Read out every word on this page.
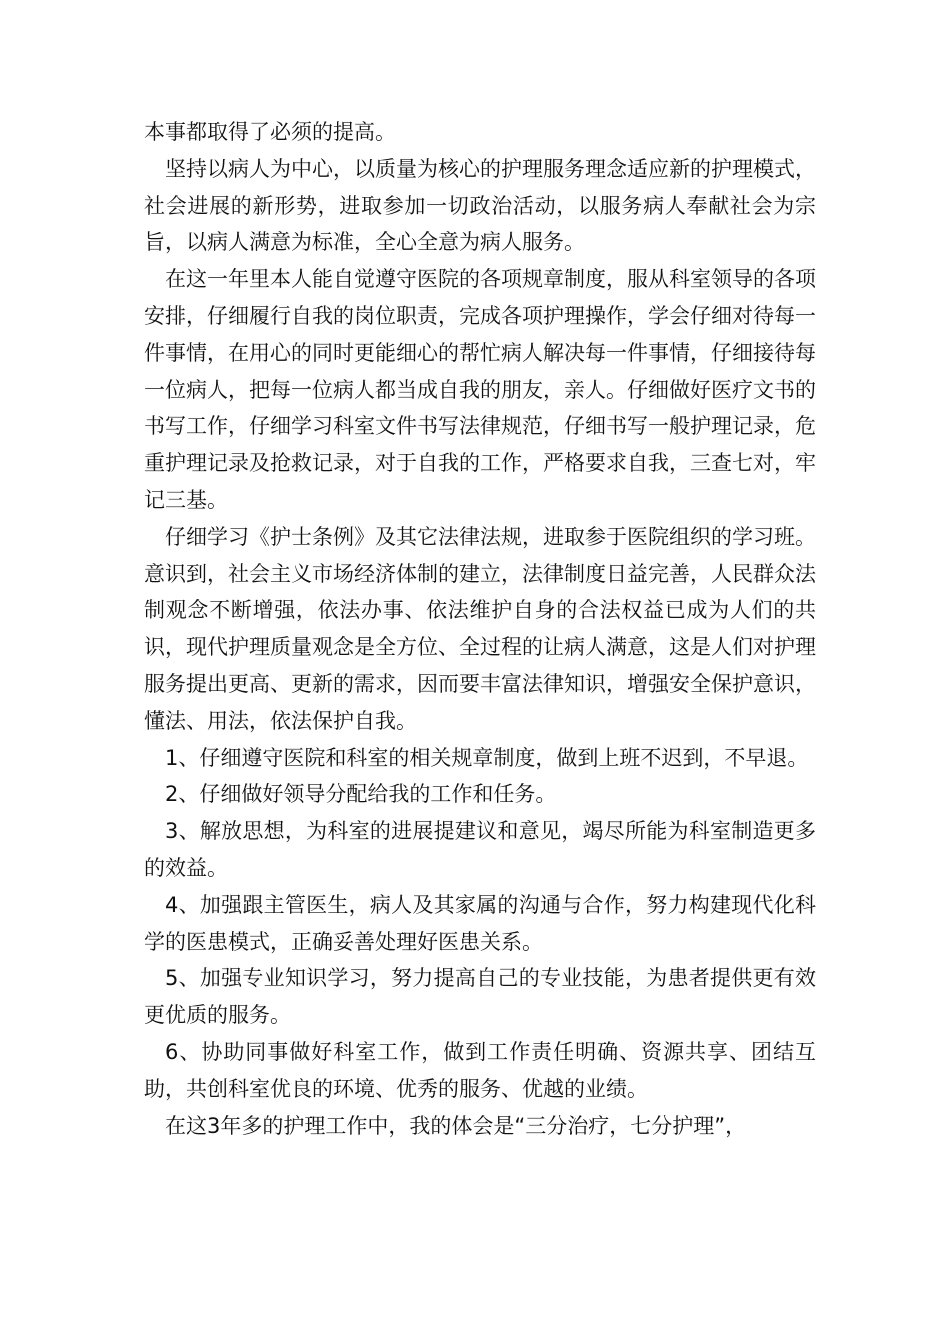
本事都取得了必须的提高。

坚持以病人为中心，以质量为核心的护理服务理念适应新的护理模式，社会进展的新形势，进取参加一切政治活动，以服务病人奉献社会为宗旨，以病人满意为标准，全心全意为病人服务。

在这一年里本人能自觉遵守医院的各项规章制度，服从科室领导的各项安排，仔细履行自我的岗位职责，完成各项护理操作，学会仔细对待每一件事情，在用心的同时更能细心的帮忙病人解决每一件事情，仔细接待每一位病人，把每一位病人都当成自我的朋友，亲人。仔细做好医疗文书的书写工作，仔细学习科室文件书写法律规范，仔细书写一般护理记录，危重护理记录及抢救记录，对于自我的工作，严格要求自我，三查七对，牢记三基。

仔细学习《护士条例》及其它法律法规，进取参于医院组织的学习班。意识到，社会主义市场经济体制的建立，法律制度日益完善，人民群众法制观念不断增强，依法办事、依法维护自身的合法权益已成为人们的共识，现代护理质量观念是全方位、全过程的让病人满意，这是人们对护理服务提出更高、更新的需求，因而要丰富法律知识，增强安全保护意识，懂法、用法，依法保护自我。

1、仔细遵守医院和科室的相关规章制度，做到上班不迟到，不早退。

2、仔细做好领导分配给我的工作和任务。

3、解放思想，为科室的进展提建议和意见，竭尽所能为科室制造更多的效益。

4、加强跟主管医生，病人及其家属的沟通与合作，努力构建现代化科学的医患模式，正确妥善处理好医患关系。

5、加强专业知识学习，努力提高自己的专业技能，为患者提供更有效更优质的服务。

6、协助同事做好科室工作，做到工作责任明确、资源共享、团结互助，共创科室优良的环境、优秀的服务、优越的业绩。

在这3年多的护理工作中，我的体会是“三分治疗，七分护理”，
